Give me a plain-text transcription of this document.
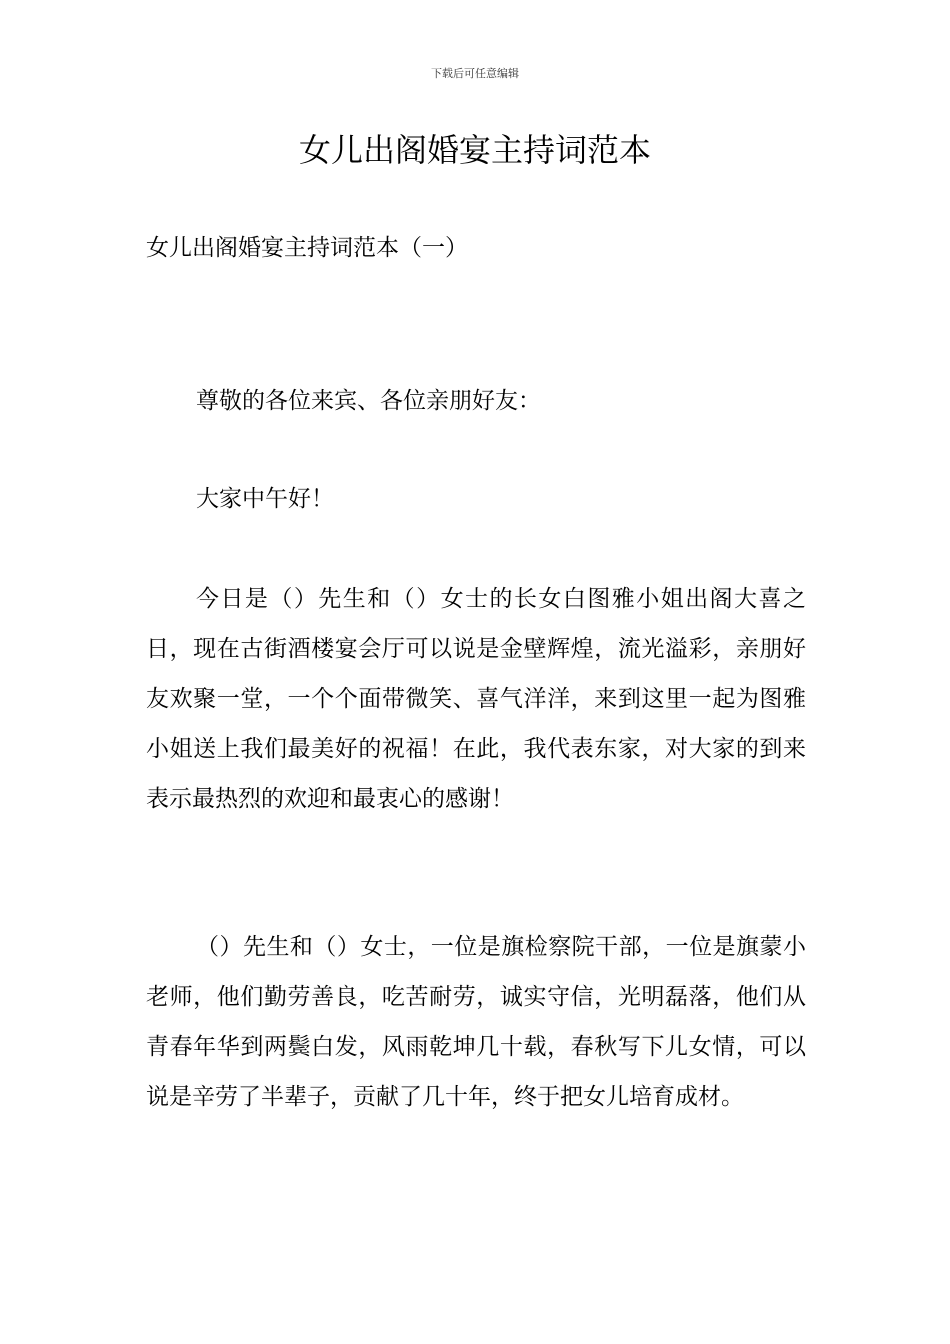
下载后可任意编辑
女儿出阁婚宴主持词范本
女儿出阁婚宴主持词范本（一）

尊敬的各位来宾、各位亲朋好友：

大家中午好！

今日是（）先生和（）女士的长女白图雅小姐出阁大喜之日，现在古街酒楼宴会厅可以说是金壁辉煌，流光溢彩，亲朋好友欢聚一堂，一个个面带微笑、喜气洋洋，来到这里一起为图雅小姐送上我们最美好的祝福！在此，我代表东家，对大家的到来表示最热烈的欢迎和最衷心的感谢！

（）先生和（）女士，一位是旗检察院干部，一位是旗蒙小老师，他们勤劳善良，吃苦耐劳，诚实守信，光明磊落，他们从青春年华到两鬓白发，风雨乾坤几十载，春秋写下儿女情，可以说是辛劳了半辈子，贡献了几十年，终于把女儿培育成材。
